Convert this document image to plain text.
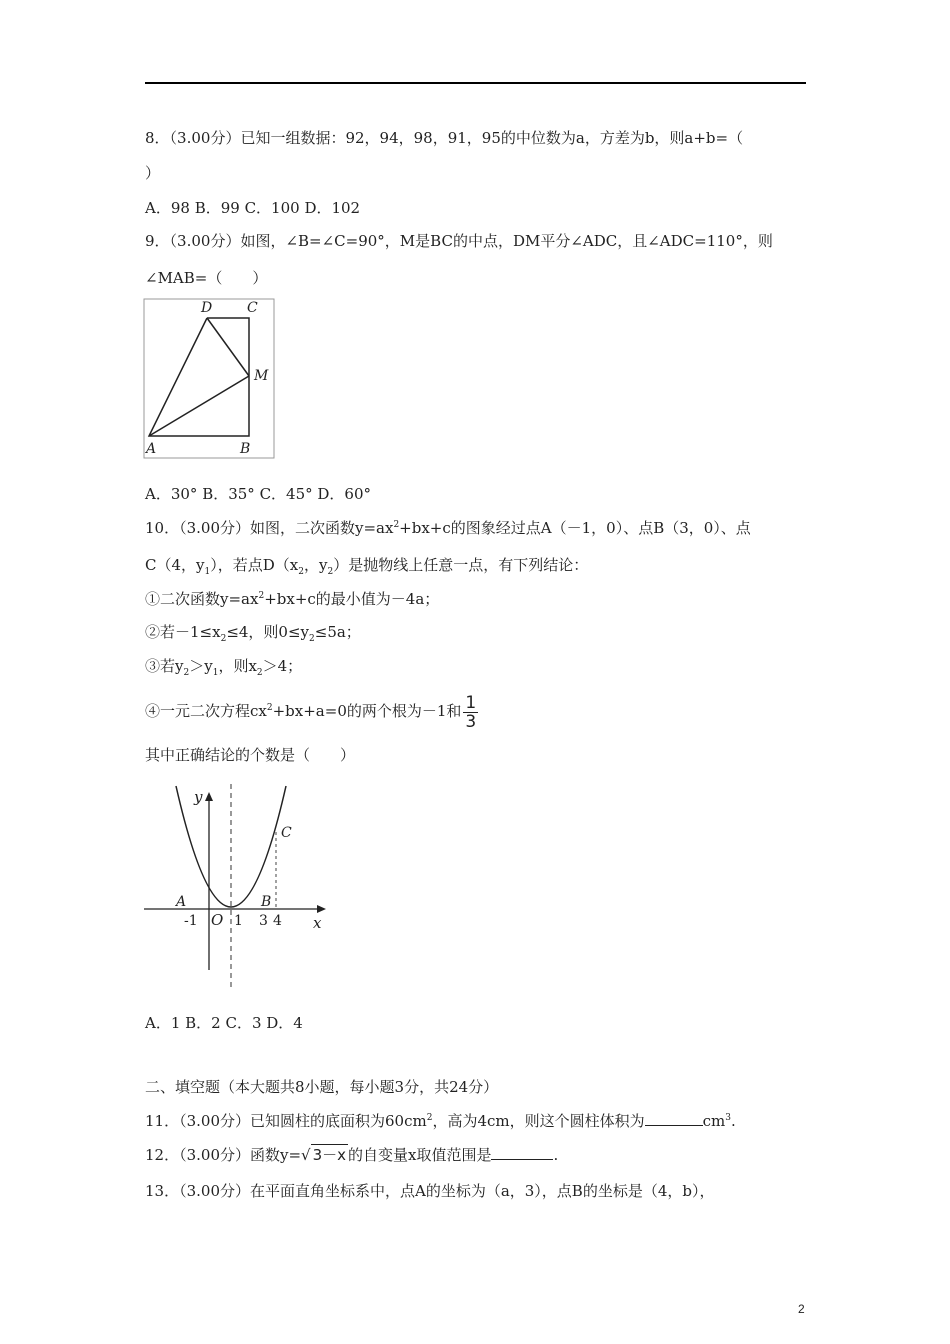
8．（3.00分）已知一组数据：92，94，98，91，95的中位数为a，方差为b，则a+b=（
）
A．98 B．99 C．100 D．102
9．（3.00分）如图，∠B=∠C=90°，M是BC的中点，DM平分∠ADC，且∠ADC=110°，则
∠MAB=（　　）
D C
M
A	B
A．30° B．35° C．45° D．60°
10．（3.00分）如图，二次函数$y=ax^2+bx+c$的图象经过点A（－1，0）、点B（3，0）、点
C（4，$y_1$），若点$D(x_2$，$y_2$）是抛物线上任意一点，有下列结论：
①二次函数$y=ax^2+bx+c$的最小值为－4a；
②若$-1\le x_2\le 4$，则$0\le y_2\le 5a$；
③若$y_2>y_1$，则$x_2>4$；
④一元二次方程$cx^2+bx+a=0$的两个根为－1和 $\frac{1}{3}$
其中正确结论的个数是（　　）
y
x
C
A	B
O
-1	1 3 4
A．1 B．2 C．3 D．4
二、填空题（本大题共8小题，每小题3分，共24分）
11．（3.00分）已知圆柱的底面积为$60cm^2$，高为4cm，则这个圆柱体积为	$cm^3$.
12．（3.00分）函数y=√ 3－x 的自变量x取值范围是	.
13．（3.00分）在平面直角坐标系中，点A的坐标为（a，3），点B的坐标是（4，b），
2
